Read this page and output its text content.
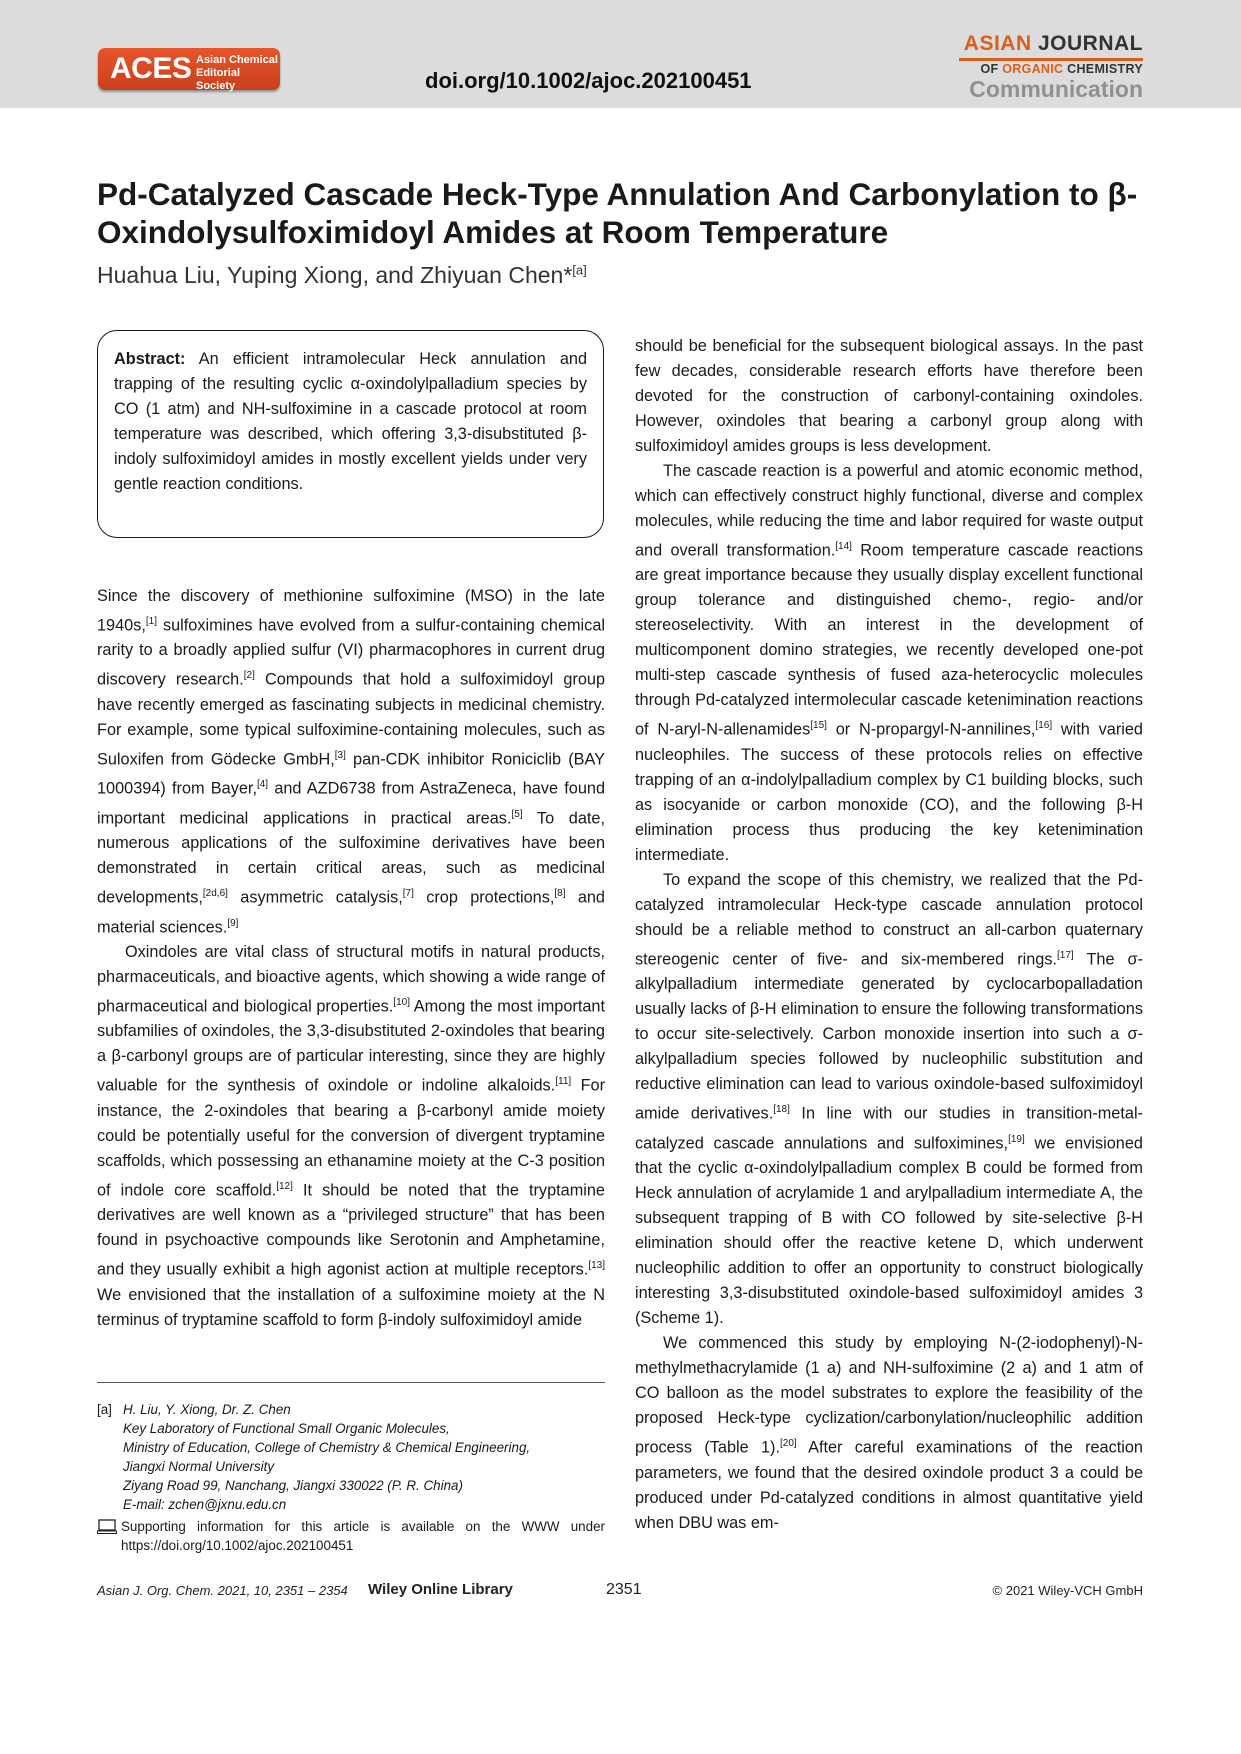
ACES Asian Chemical Editorial Society	doi.org/10.1002/ajoc.202100451
ASIAN JOURNAL
OF ORGANIC CHEMISTRY
Communication
Pd-Catalyzed Cascade Heck-Type Annulation And Carbonylation to β-Oxindolysulfoximidoyl Amides at Room Temperature
Huahua Liu, Yuping Xiong, and Zhiyuan Chen*[a]

Abstract: An efficient intramolecular Heck annulation and trapping of the resulting cyclic α-oxindolylpalladium species by CO (1 atm) and NH-sulfoximine in a cascade protocol at room temperature was described, which offering 3,3-disubstituted β-indoly sulfoximidoyl amides in mostly excellent yields under very gentle reaction conditions.

Since the discovery of methionine sulfoximine (MSO) in the late 1940s,[1] sulfoximines have evolved from a sulfur-containing chemical rarity to a broadly applied sulfur (VI) pharmacophores in current drug discovery research.[2] Compounds that hold a sulfoximidoyl group have recently emerged as fascinating subjects in medicinal chemistry. For example, some typical sulfoximine-containing molecules, such as Suloxifen from Gödecke GmbH,[3] pan-CDK inhibitor Roniciclib (BAY 1000394) from Bayer,[4] and AZD6738 from AstraZeneca, have found important medicinal applications in practical areas.[5] To date, numerous applications of the sulfoximine derivatives have been demonstrated in certain critical areas, such as medicinal developments,[2d,6] asymmetric catalysis,[7] crop protections,[8] and material sciences.[9]

Oxindoles are vital class of structural motifs in natural products, pharmaceuticals, and bioactive agents, which showing a wide range of pharmaceutical and biological properties.[10] Among the most important subfamilies of oxindoles, the 3,3-disubstituted 2-oxindoles that bearing a β-carbonyl groups are of particular interesting, since they are highly valuable for the synthesis of oxindole or indoline alkaloids.[11] For instance, the 2-oxindoles that bearing a β-carbonyl amide moiety could be potentially useful for the conversion of divergent tryptamine scaffolds, which possessing an ethanamine moiety at the C-3 position of indole core scaffold.[12] It should be noted that the tryptamine derivatives are well known as a “privileged structure” that has been found in psychoactive compounds like Serotonin and Amphetamine, and they usually exhibit a high agonist action at multiple receptors.[13] We envisioned that the installation of a sulfoximine moiety at the N terminus of tryptamine scaffold to form β-indoly sulfoximidoyl amide

should be beneficial for the subsequent biological assays. In the past few decades, considerable research efforts have therefore been devoted for the construction of carbonyl-containing oxindoles. However, oxindoles that bearing a carbonyl group along with sulfoximidoyl amides groups is less development.

The cascade reaction is a powerful and atomic economic method, which can effectively construct highly functional, diverse and complex molecules, while reducing the time and labor required for waste output and overall transformation.[14] Room temperature cascade reactions are great importance because they usually display excellent functional group tolerance and distinguished chemo-, regio- and/or stereoselectivity. With an interest in the development of multicomponent domino strategies, we recently developed one-pot multi-step cascade synthesis of fused aza-heterocyclic molecules through Pd-catalyzed intermolecular cascade ketenimination reactions of N-aryl-N-allenamides[15] or N-propargyl-N-annilines,[16] with varied nucleophiles. The success of these protocols relies on effective trapping of an α-indolylpalladium complex by C1 building blocks, such as isocyanide or carbon monoxide (CO), and the following β-H elimination process thus producing the key ketenimination intermediate.

To expand the scope of this chemistry, we realized that the Pd-catalyzed intramolecular Heck-type cascade annulation protocol should be a reliable method to construct an all-carbon quaternary stereogenic center of five- and six-membered rings.[17] The σ-alkylpalladium intermediate generated by cyclocarbopalladation usually lacks of β-H elimination to ensure the following transformations to occur site-selectively. Carbon monoxide insertion into such a σ-alkylpalladium species followed by nucleophilic substitution and reductive elimination can lead to various oxindole-based sulfoximidoyl amide derivatives.[18] In line with our studies in transition-metal-catalyzed cascade annulations and sulfoximines,[19] we envisioned that the cyclic α-oxindolylpalladium complex B could be formed from Heck annulation of acrylamide 1 and arylpalladium intermediate A, the subsequent trapping of B with CO followed by site-selective β-H elimination should offer the reactive ketene D, which underwent nucleophilic addition to offer an opportunity to construct biologically interesting 3,3-disubstituted oxindole-based sulfoximidoyl amides 3 (Scheme 1).

We commenced this study by employing N-(2-iodophenyl)-N-methylmethacrylamide (1 a) and NH-sulfoximine (2 a) and 1 atm of CO balloon as the model substrates to explore the feasibility of the proposed Heck-type cyclization/carbonylation/nucleophilic addition process (Table 1).[20] After careful examinations of the reaction parameters, we found that the desired oxindole product 3 a could be produced under Pd-catalyzed conditions in almost quantitative yield when DBU was em-

[a] H. Liu, Y. Xiong, Dr. Z. Chen
Key Laboratory of Functional Small Organic Molecules,
Ministry of Education, College of Chemistry & Chemical Engineering,
Jiangxi Normal University
Ziyang Road 99, Nanchang, Jiangxi 330022 (P. R. China)
E-mail: zchen@jxnu.edu.cn
Supporting information for this article is available on the WWW under https://doi.org/10.1002/ajoc.202100451
Asian J. Org. Chem. 2021, 10, 2351 – 2354 Wiley Online Library	2351	© 2021 Wiley-VCH GmbH
